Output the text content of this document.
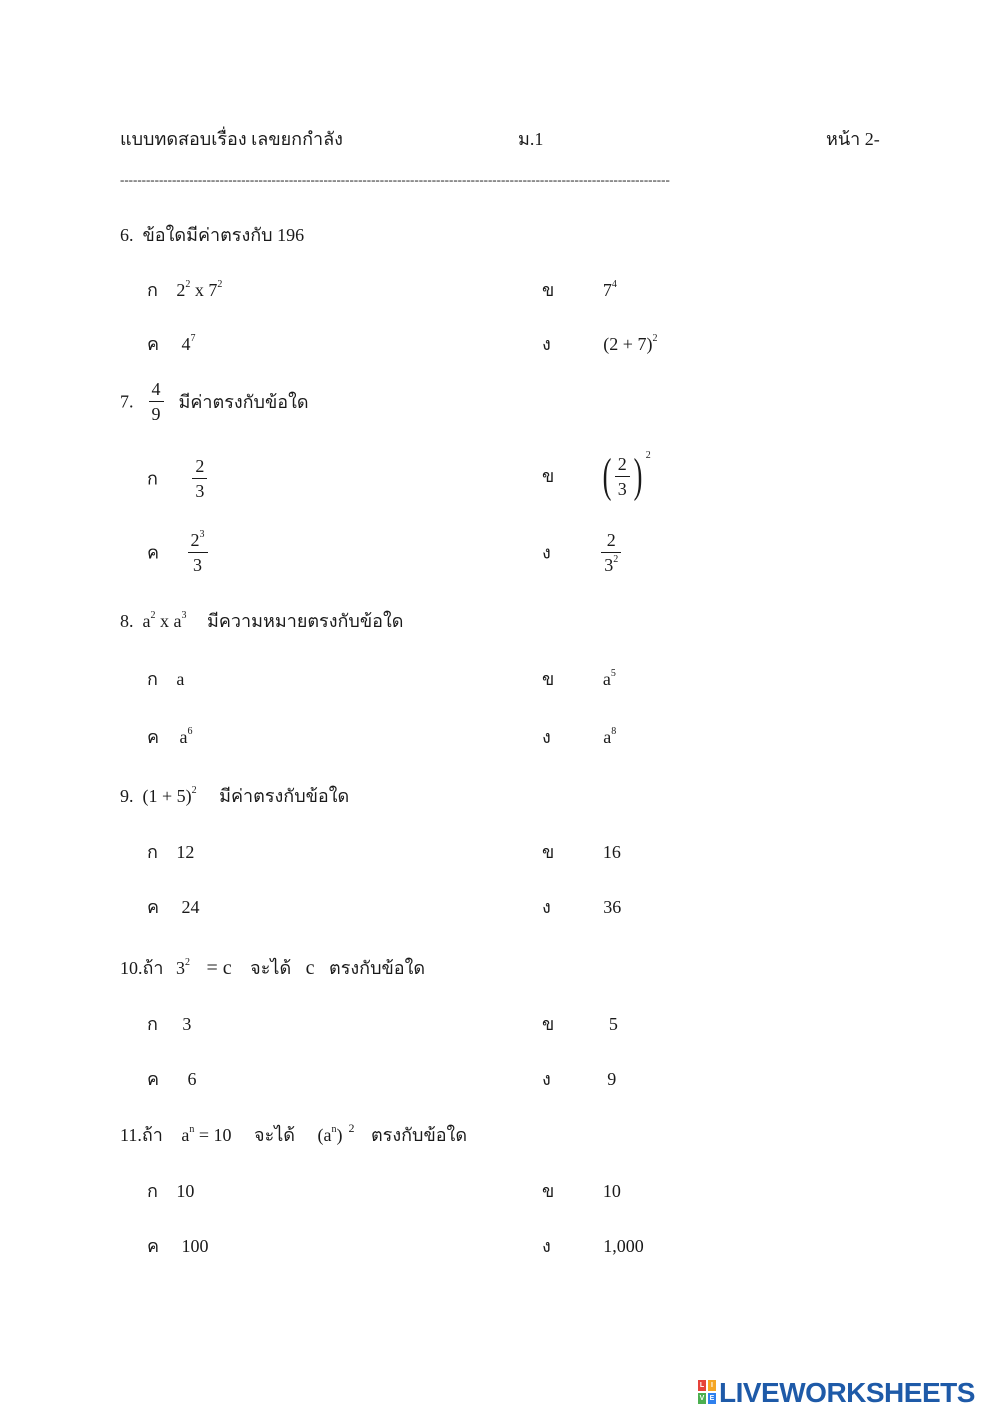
แบบทดสอบเรื่อง เลขยกกำลัง	ม.1	หน้า 2-
-------------------------------------------------------------------------------------------------------------------------------
6. ข้อใดมีค่าตรงกับ 196
ก $2^2$ x $7^2$	ข	$7^4$
ค $4^7$	ง	$(2 + 7)^2$
7. $\frac{4}{9}$ มีค่าตรงกับข้อใด
ก $\frac{2}{3}$	ข ( $\frac{2}{3}$ ) $^2$
ค $\frac{2^3}{3}$	ง	$\frac{2}{3^2}$
8. $a^2$ x $a^3$ มีความหมายตรงกับข้อใด
ก a	ข	$a^5$
ค $a^6$	ง	$a^8$
9. $(1 + 5)^2$ มีค่าตรงกับข้อใด
ก 12	ข	16
ค 24	ง	36
10.ถ้า $3^2 = c$ จะได้ c ตรงกับข้อใด
ก 3	ข	5
ค 6	ง	9
11.ถ้า $a^n = 10$ จะได้ $(a^n)$ $^2$ ตรงกับข้อใด
ก 10	ข	10
ค 100	ง	1,000
L I
V E LIVEWORKSHEETS
